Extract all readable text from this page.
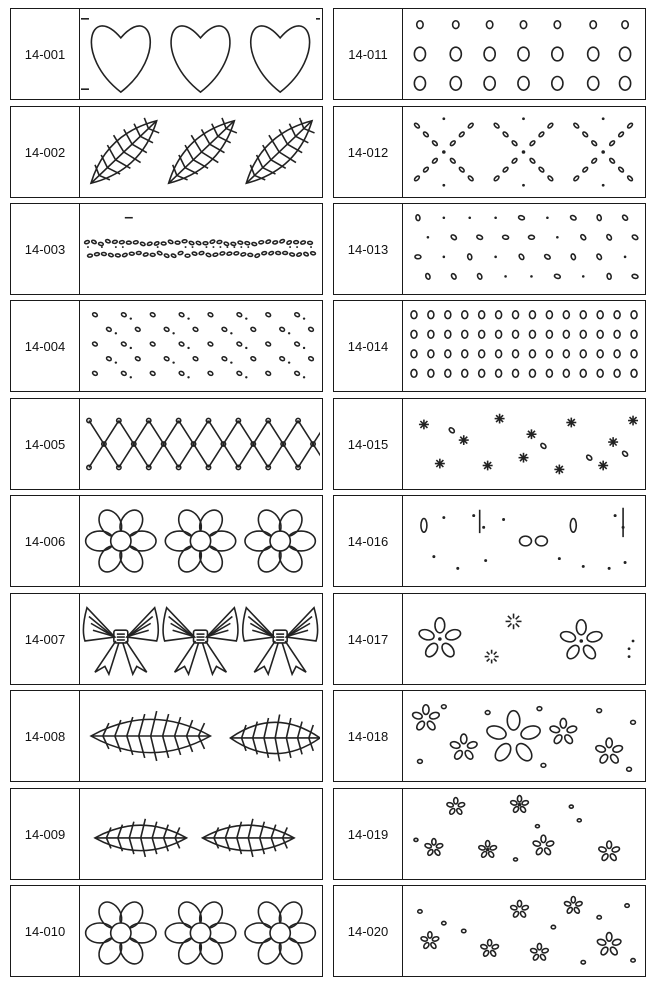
14-001
14-002
14-003
14-004
14-005
14-006
14-007
14-008
14-009
14-010
14-011
14-012
14-013
14-014
14-015
14-016
14-017
14-018
14-019
14-020
